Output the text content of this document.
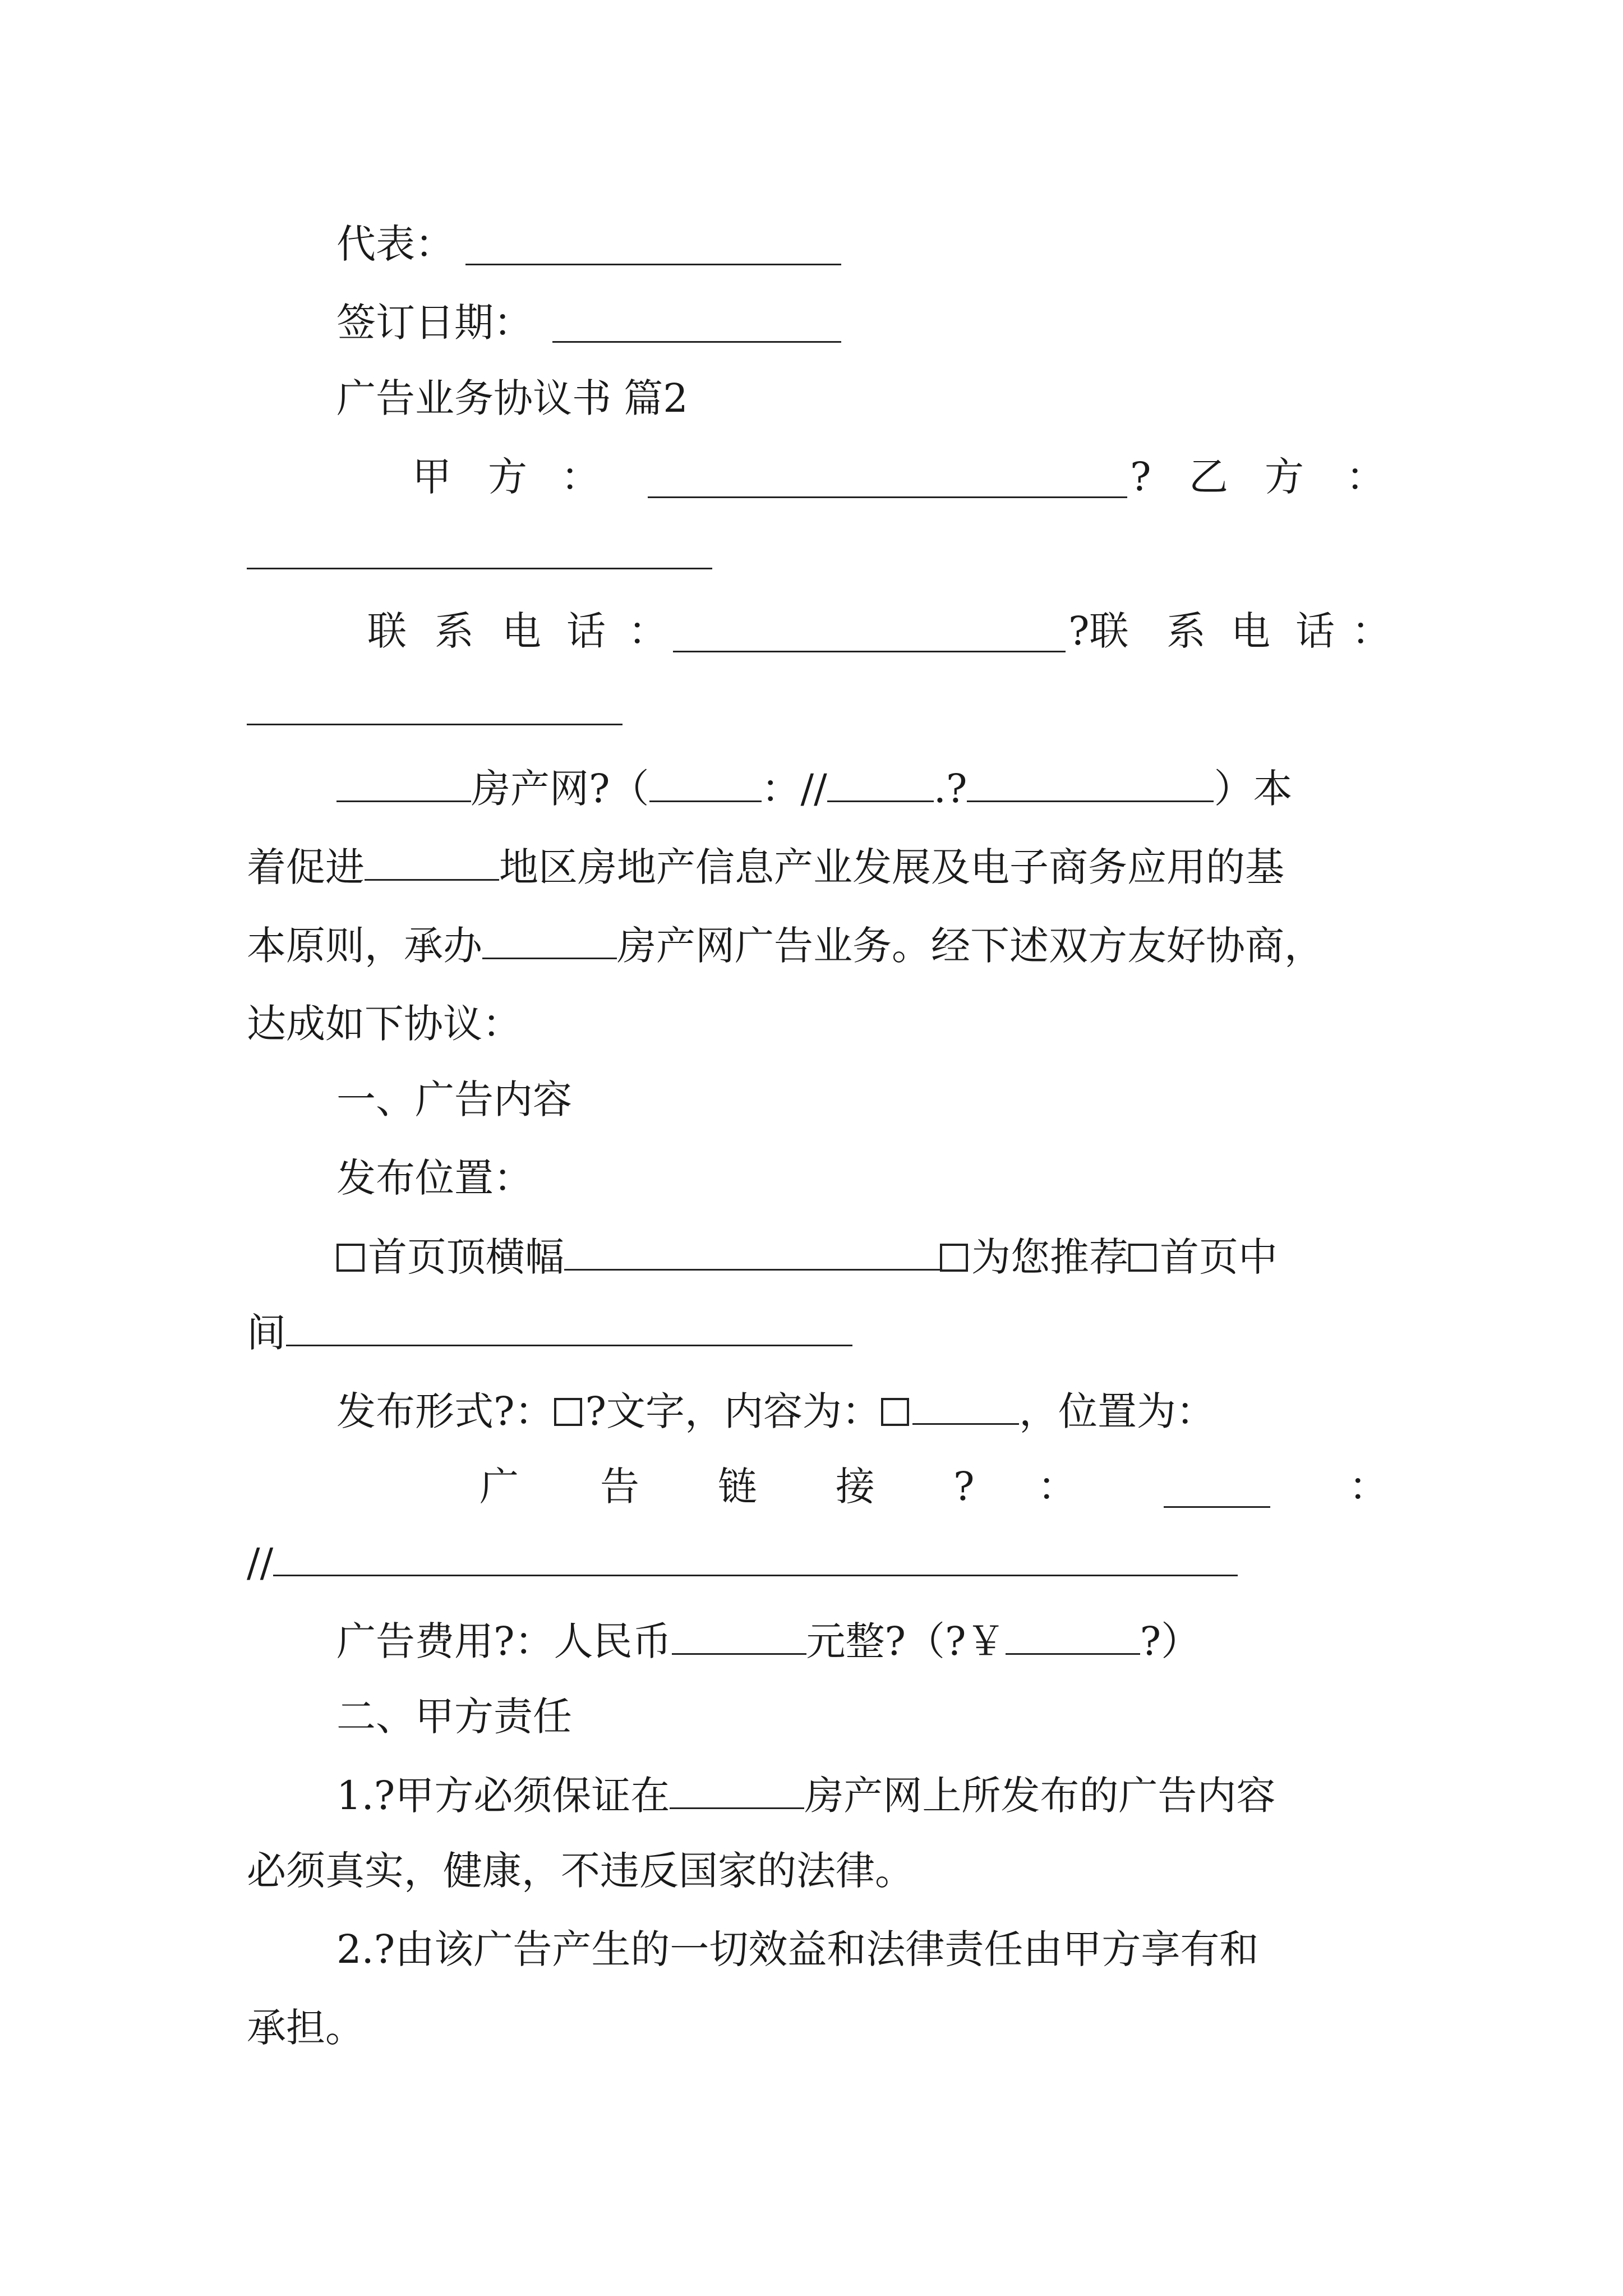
代表：
签订日期：
广告业务协议书 篇2
甲 方 ：	? 乙 方 ：
联 系 电 话 ：	?联 系 电 话 ：
房产网?（	：//	.?	）本
着促进	地区房地产信息产业发展及电子商务应用的基
本原则，承办	房产网广告业务。经下述双方友好协商，
达成如下协议：
一、广告内容
发布位置：
首页顶横幅	为您推荐 首页中
间
发布形式?： ?文字，内容为：	，位置为：
广 告 链 接 ? ：	：
//
广告费用?：人民币	元整?（?￥	?）
二、甲方责任
1.?甲方必须保证在	房产网上所发布的广告内容
必须真实，健康，不违反国家的法律。
2.?由该广告产生的一切效益和法律责任由甲方享有和
承担。
